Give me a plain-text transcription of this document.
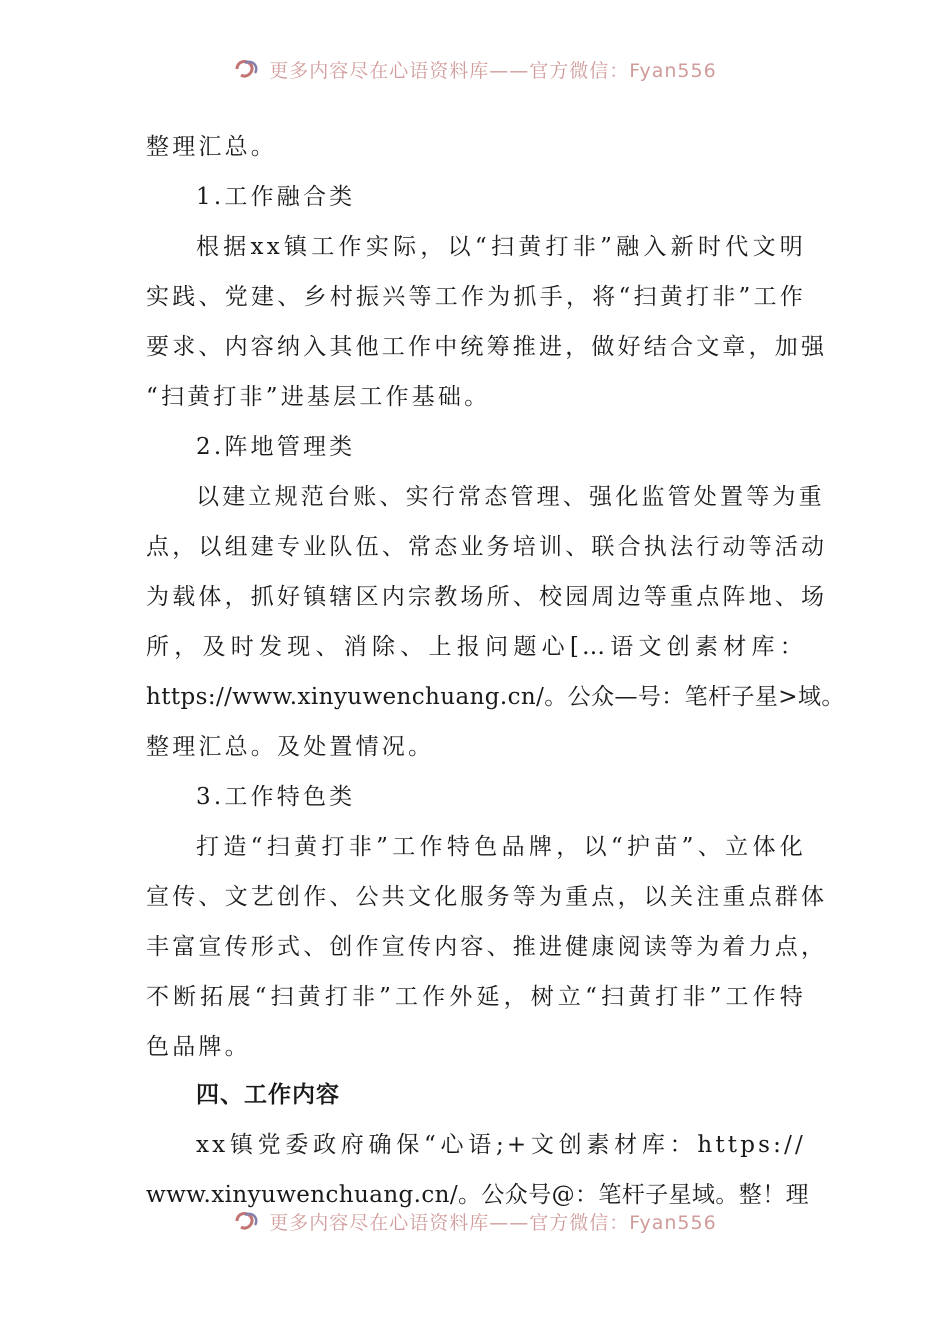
更多内容尽在心语资料库——官方微信：Fyan556
整理汇总。
1.工作融合类
根据xx镇工作实际，以“扫黄打非”融入新时代文明
实践、党建、乡村振兴等工作为抓手，将“扫黄打非”工作
要求、内容纳入其他工作中统筹推进，做好结合文章，加强
“扫黄打非”进基层工作基础。
2.阵地管理类
以建立规范台账、实行常态管理、强化监管处置等为重
点，以组建专业队伍、常态业务培训、联合执法行动等活动
为载体，抓好镇辖区内宗教场所、校园周边等重点阵地、场
所，及时发现、消除、上报问题心[…语文创素材库：
https://www.xinyuwenchuang.cn/。公众—号：笔杆子星>域。
整理汇总。及处置情况。
3.工作特色类
打造“扫黄打非”工作特色品牌，以“护苗”、立体化
宣传、文艺创作、公共文化服务等为重点，以关注重点群体
丰富宣传形式、创作宣传内容、推进健康阅读等为着力点，
不断拓展“扫黄打非”工作外延，树立“扫黄打非”工作特
色品牌。
四、工作内容
xx镇党委政府确保“心语;+文创素材库：https://
www.xinyuwenchuang.cn/。公众号@：笔杆子星域。整！理
更多内容尽在心语资料库——官方微信：Fyan556
